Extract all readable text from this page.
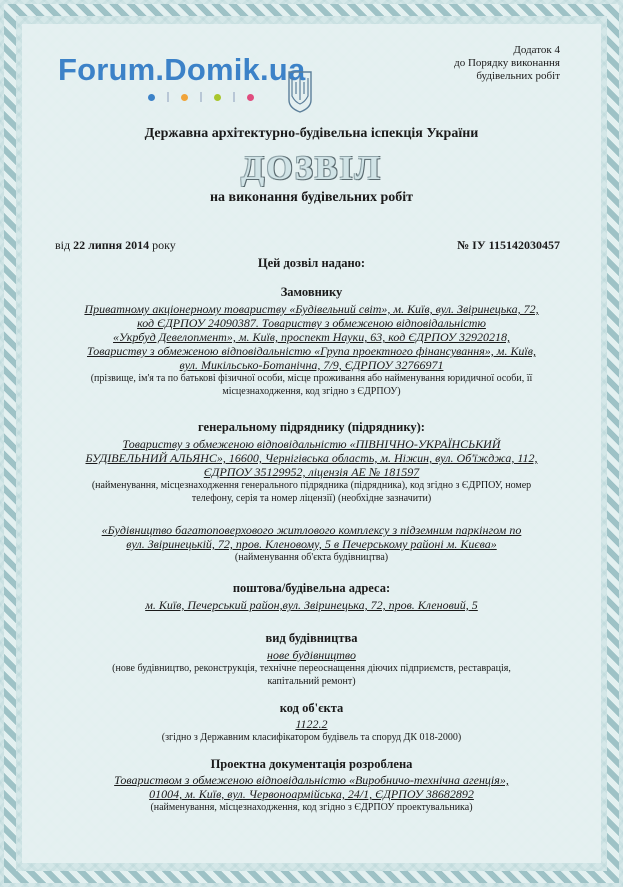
Forum.Domik.ua
Додаток 4
до Порядку виконання
будівельних робіт
Державна архітектурно-будівельна іспекція України
ДОЗВІЛ
на виконання будівельних робіт
від 22 липня 2014 року	№ ІУ 115142030457
Цей дозвіл надано:
Замовнику
Приватному акціонерному товариству «Будівельний світ», м. Київ, вул. Звіринецька, 72,
код ЄДРПОУ 24090387. Товариству з обмеженою відповідальністю
«Укрбуд Девелопмент», м. Київ, проспект Науки, 63, код ЄДРПОУ 32920218,
Товариству з обмеженою відповідальністю «Група проектного фінансування», м. Київ,
вул. Микільсько-Ботанічна, 7/9, ЄДРПОУ 32766971
(прізвище, ім'я та по батькові фізичної особи, місце проживання або найменування юридичної особи, її
місцезнаходження, код згідно з ЄДРПОУ)
генеральному підряднику (підряднику):
Товариству з обмеженою відповідальністю «ПІВНІЧНО-УКРАЇНСЬКИЙ
БУДІВЕЛЬНИЙ АЛЬЯНС», 16600, Чернігівська область, м. Ніжин, вул. Об'їжджа, 112,
ЄДРПОУ 35129952, ліцензія АЕ № 181597
(найменування, місцезнаходження генерального підрядника (підрядника), код згідно з ЄДРПОУ, номер
телефону, серія та номер ліцензії) (необхідне зазначити)
«Будівництво багатоповерхового житлового комплексу з підземним паркінгом по
вул. Звіринецькій, 72, пров. Кленовому, 5 в Печерському районі м. Києва»
(найменування об'єкта будівництва)
поштова/будівельна адреса:
м. Київ, Печерський район,вул. Звіринецька, 72, пров. Кленовий, 5
вид будівництва
нове будівництво
(нове будівництво, реконструкція, технічне переоснащення діючих підприємств, реставрація,
капітальний ремонт)
код об'єкта
1122.2
(згідно з Державним класифікатором будівель та споруд ДК 018-2000)
Проектна документація розроблена
Товариством з обмеженою відповідальністю «Виробничо-технічна агенція»,
01004, м. Київ, вул. Червоноармійська, 24/1, ЄДРПОУ 38682892
(найменування, місцезнаходження, код згідно з ЄДРПОУ проектувальника)
